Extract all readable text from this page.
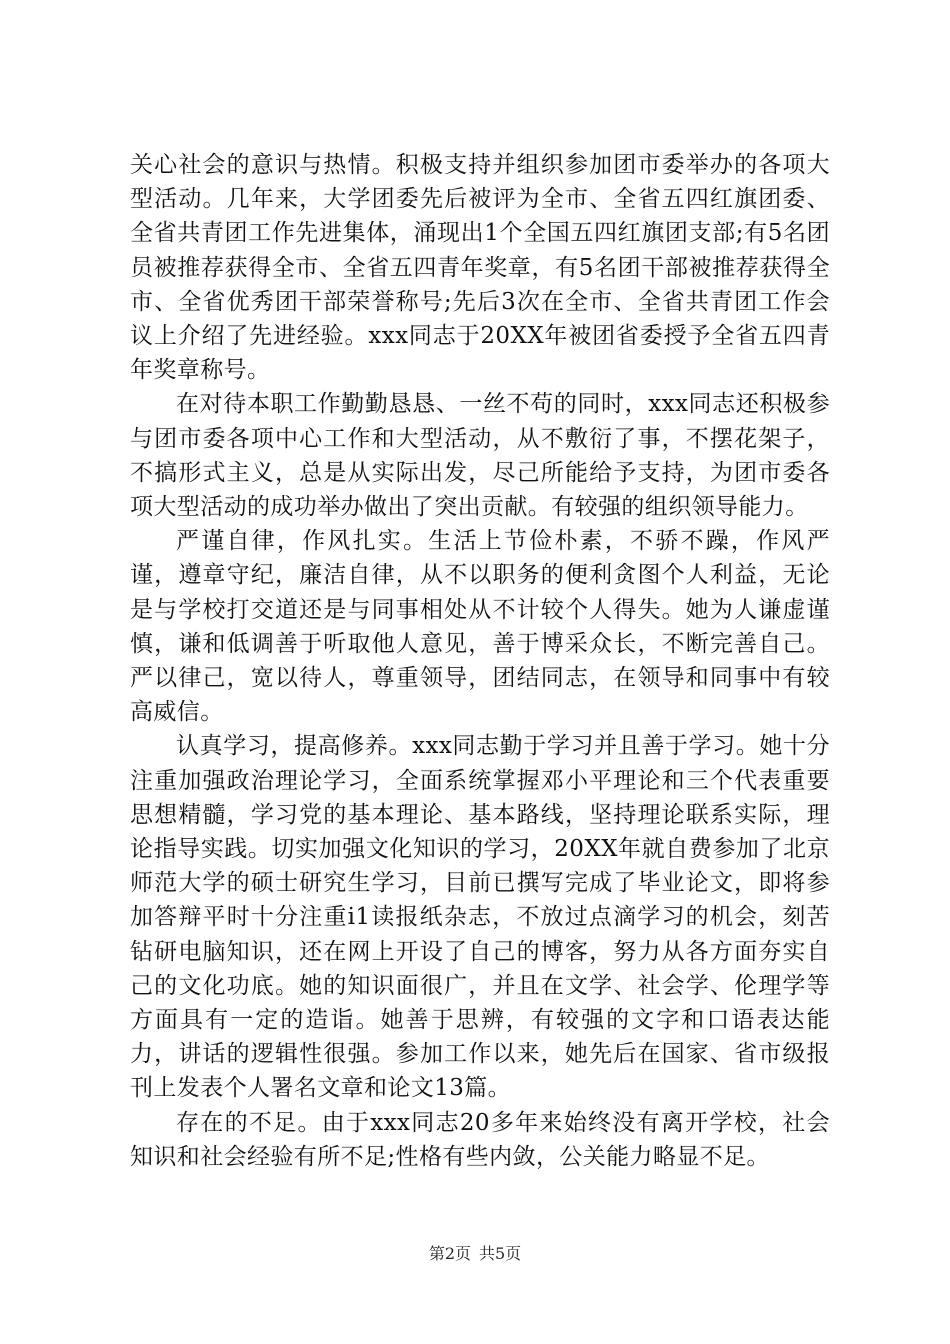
关心社会的意识与热情。积极支持并组织参加团市委举办的各项大型活动。几年来，大学团委先后被评为全市、全省五四红旗团委、全省共青团工作先进集体，涌现出1个全国五四红旗团支部;有5名团员被推荐获得全市、全省五四青年奖章，有5名团干部被推荐获得全市、全省优秀团干部荣誉称号;先后3次在全市、全省共青团工作会议上介绍了先进经验。xxx同志于20XX年被团省委授予全省五四青年奖章称号。

在对待本职工作勤勤恳恳、一丝不苟的同时，xxx同志还积极参与团市委各项中心工作和大型活动，从不敷衍了事，不摆花架子，不搞形式主义，总是从实际出发，尽己所能给予支持，为团市委各项大型活动的成功举办做出了突出贡献。有较强的组织领导能力。

严谨自律，作风扎实。生活上节俭朴素，不骄不躁，作风严谨，遵章守纪，廉洁自律，从不以职务的便利贪图个人利益，无论是与学校打交道还是与同事相处从不计较个人得失。她为人谦虚谨慎，谦和低调善于听取他人意见，善于博采众长，不断完善自己。严以律己，宽以待人，尊重领导，团结同志，在领导和同事中有较高威信。

认真学习，提高修养。xxx同志勤于学习并且善于学习。她十分注重加强政治理论学习，全面系统掌握邓小平理论和三个代表重要思想精髓，学习党的基本理论、基本路线，坚持理论联系实际，理论指导实践。切实加强文化知识的学习，20XX年就自费参加了北京师范大学的硕士研究生学习，目前已撰写完成了毕业论文，即将参加答辩平时十分注重i1读报纸杂志，不放过点滴学习的机会，刻苦钻研电脑知识，还在网上开设了自己的博客，努力从各方面夯实自己的文化功底。她的知识面很广，并且在文学、社会学、伦理学等方面具有一定的造诣。她善于思辨，有较强的文字和口语表达能力，讲话的逻辑性很强。参加工作以来，她先后在国家、省市级报刊上发表个人署名文章和论文13篇。

存在的不足。由于xxx同志20多年来始终没有离开学校，社会知识和社会经验有所不足;性格有些内敛，公关能力略显不足。

第2页 共5页
